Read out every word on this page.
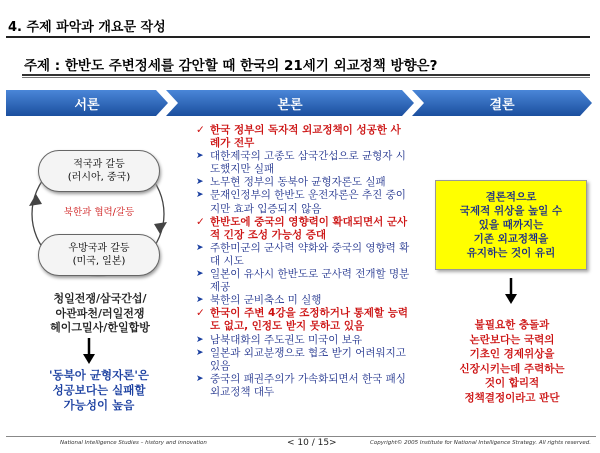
4. 주제 파악과 개요문 작성
주제 : 한반도 주변정세를 감안할 때 한국의 21세기 외교정책 방향은?
서론	본론	결론
적국과 갈등
(러시아, 중국)
북한과 협력/갈등
우방국과 갈등
(미국, 일본)
청일전쟁/삼국간섭/
아관파천/러일전쟁
헤이그밀사/한일합방
'동북아 균형자론'은
성공보다는 실패할
가능성이 높음
✓ 한국 정부의 독자적 외교정책이 성공한 사례가 전무
➤ 대한제국의 고종도 삼국간섭으로 균형자 시도했지만 실패
➤ 노무현 정부의 동북아 균형자론도 실패
➤ 문재인정부의 한반도 운전자론은 추진 중이지만 효과 입증되지 않음
✓ 한반도에 중국의 영향력이 확대되면서 군사적 긴장 조성 가능성 증대
➤ 주한미군의 군사력 약화와 중국의 영향력 확대 시도
➤ 일본이 유사시 한반도로 군사력 전개할 명분 제공
➤ 북한의 군비축소 미 실행
✓ 한국이 주변 4강을 조정하거나 통제할 능력도 없고, 인정도 받지 못하고 있음
➤ 남북대화의 주도권도 미국이 보유
➤ 일본과 외교분쟁으로 협조 받기 어려워지고 있음
➤ 중국의 패권주의가 가속화되면서 한국 패싱 외교정책 대두
결론적으로
국제적 위상을 높일 수
있을 때까지는
기존 외교정책을
유지하는 것이 유리
불필요한 충돌과
논란보다는 국력의
기초인 경제위상을
신장시키는데 주력하는
것이 합리적
정책결정이라고 판단
National Intelligence Studies – history and innovation	< 10 / 15>	Copyright© 2005 Institute for National Intelligence Strategy. All rights reserved.
